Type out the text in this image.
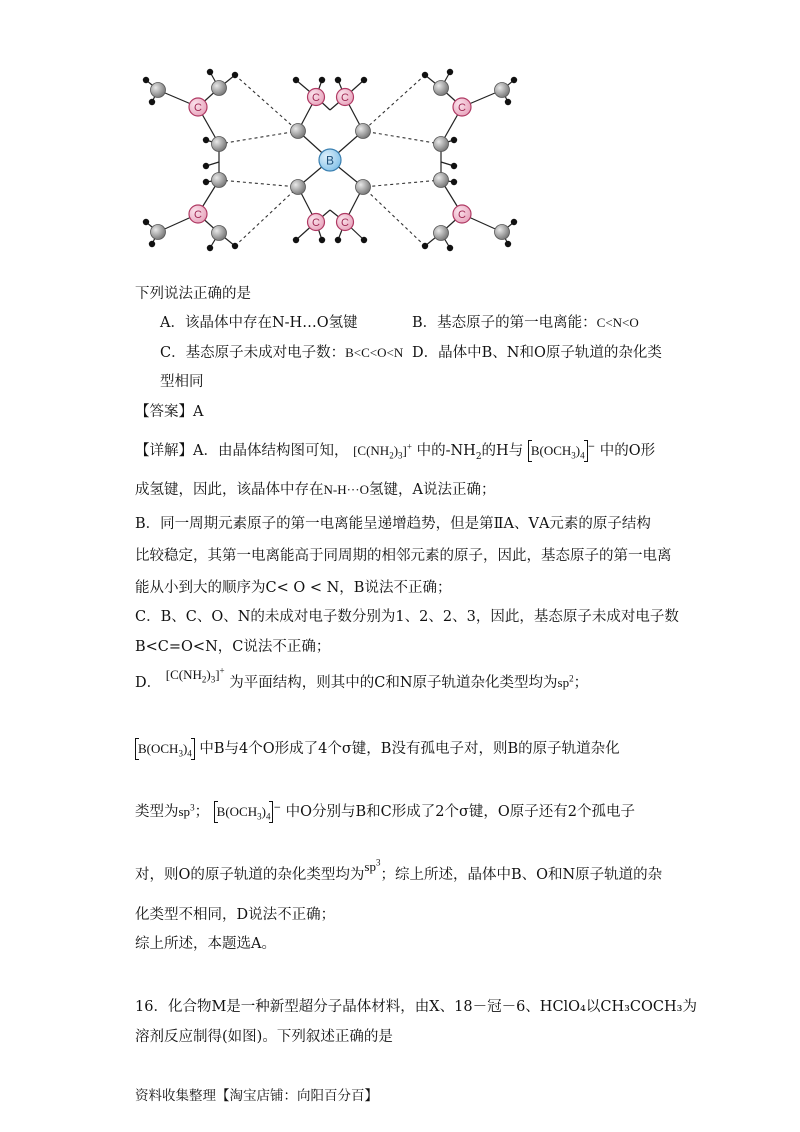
C
C
C
C
C C
C C
B
下列说法正确的是
A．该晶体中存在N-H…O氢键	B．基态原子的第一电离能：C<N<O
C．基态原子未成对电子数：B<C<O<N D．晶体中B、N和O原子轨道的杂化类
型相同
【答案】A
【详解】A．由晶体结构图可知， $[C(NH_2)_3]^+$ 中的$-NH_2$的H与 $B(OCH_3)_4^-$ 中的O形
成氢键，因此，该晶体中存在N-H···O氢键，A说法正确；
B．同一周期元素原子的第一电离能呈递增趋势，但是第ⅡA、ⅤA元素的原子结构
比较稳定，其第一电离能高于同周期的相邻元素的原子，因此，基态原子的第一电离
能从小到大的顺序为C< O < N，B说法不正确；
C．B、C、O、N的未成对电子数分别为1、2、2、3，因此，基态原子未成对电子数
B<C=O<N，C说法不正确；
D． $[C(NH_2)_3]^+$ 为平面结构，则其中的C和N原子轨道杂化类型均为$sp^2$；
$B(OCH_3)_4$ 中B与4个O形成了4个σ键，B没有孤电子对，则B的原子轨道杂化
类型为$sp^3$； $B(OCH_3)_4^-$ 中O分别与B和C形成了2个σ键，O原子还有2个孤电子
对，则O的原子轨道的杂化类型均为$sp^3$；综上所述，晶体中B、O和N原子轨道的杂
化类型不相同，D说法不正确；
综上所述，本题选A。
16．化合物M是一种新型超分子晶体材料，由X、18－冠－6、HClO₄以CH₃COCH₃为
溶剂反应制得(如图)。下列叙述正确的是
资料收集整理【淘宝店铺：向阳百分百】
